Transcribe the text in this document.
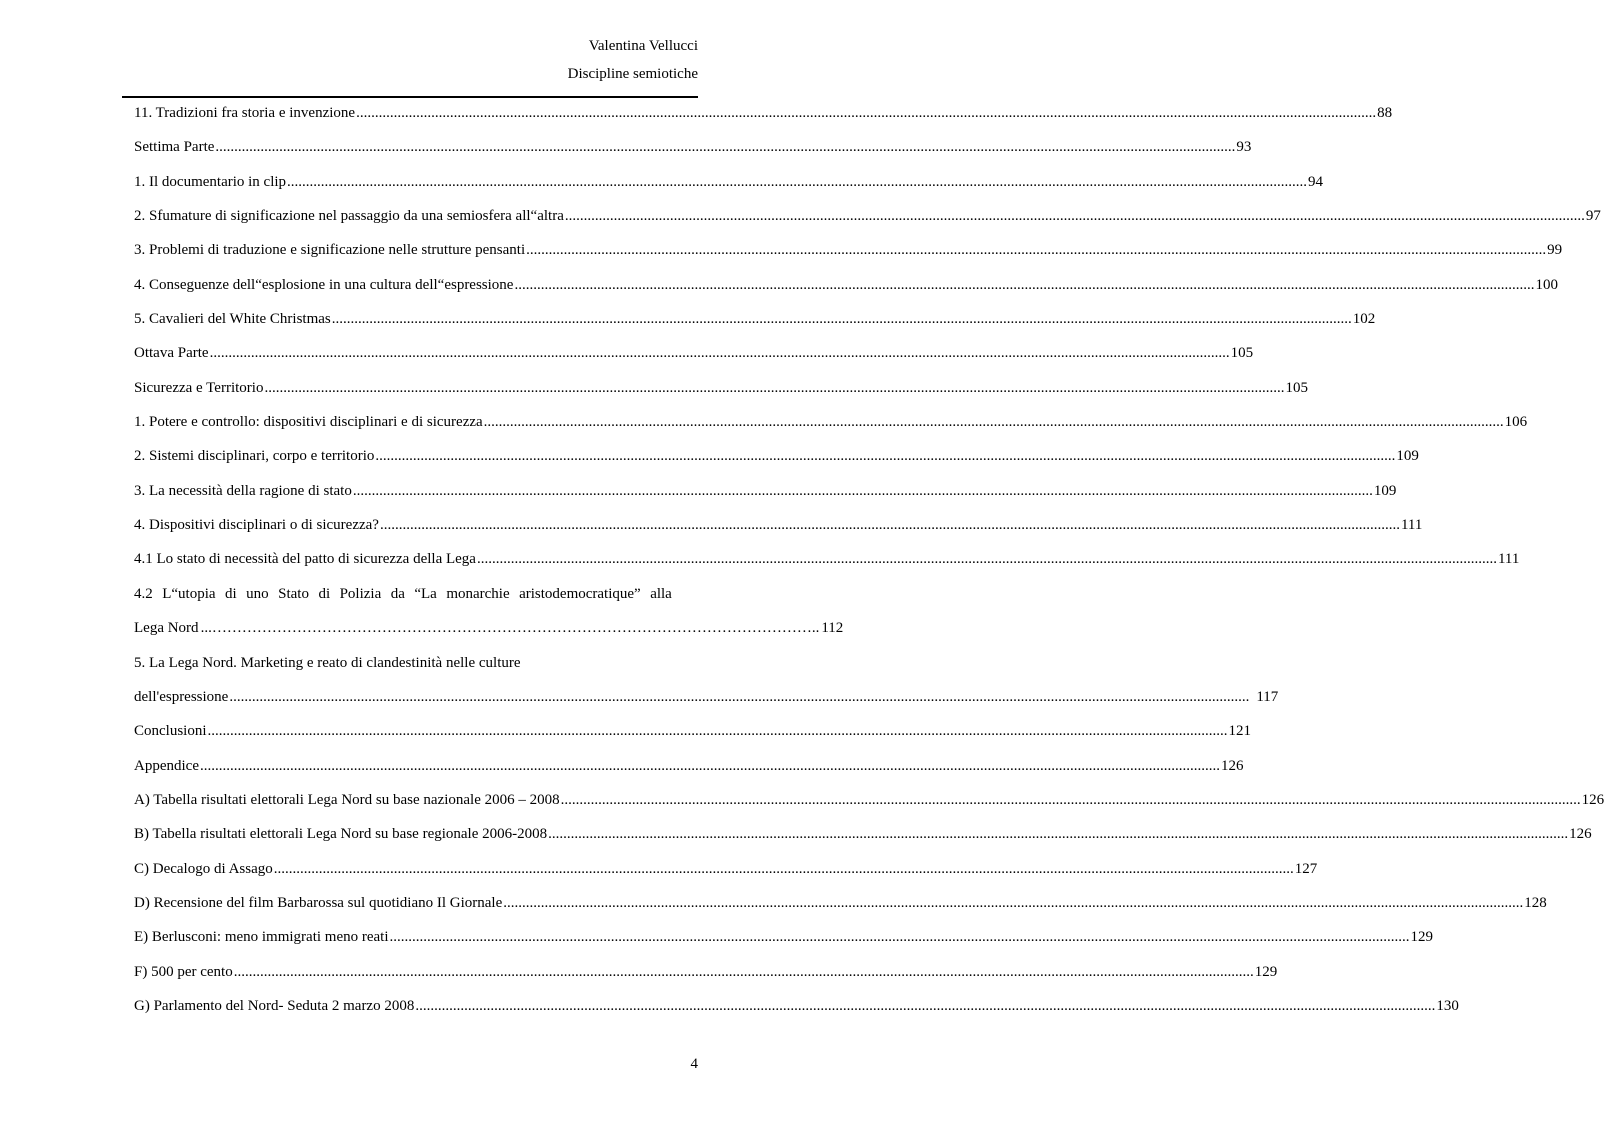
Valentina Vellucci
Discipline semiotiche
11. Tradizioni fra storia e invenzione .....	88
Settima Parte .....	93
1. Il documentario in clip .....	94
2. Sfumature di significazione nel passaggio da una semiosfera all“altra .....	97
3. Problemi di traduzione e significazione nelle strutture pensanti .....	99
4. Conseguenze dell“esplosione in una cultura dell“espressione .....	100
5. Cavalieri del White Christmas .....	102
Ottava Parte .....	105
Sicurezza e Territorio .....	105
1. Potere e controllo: dispositivi disciplinari e di sicurezza .....	106
2. Sistemi disciplinari, corpo e territorio .....	109
3. La necessità della ragione di stato .....	109
4. Dispositivi disciplinari o di sicurezza? .....	111
4.1 Lo stato di necessità del patto di sicurezza della Lega .....	111
4.2 L“utopia di uno Stato di Polizia da “La monarchie aristodemocratique” alla
Lega Nord ...………………………………………………………………………………………………………….. 112
5. La Lega Nord. Marketing e reato di clandestinità nelle culture
dell'espressione .....	117
Conclusioni .....	121
Appendice .....	126
A) Tabella risultati elettorali Lega Nord su base nazionale 2006 – 2008 .....	126
B) Tabella risultati elettorali Lega Nord su base regionale 2006-2008 .....	126
C) Decalogo di Assago .....	127
D) Recensione del film Barbarossa sul quotidiano Il Giornale .....	128
E) Berlusconi: meno immigrati meno reati .....	129
F) 500 per cento .....	129
G) Parlamento del Nord- Seduta 2 marzo 2008 .....	130
4
